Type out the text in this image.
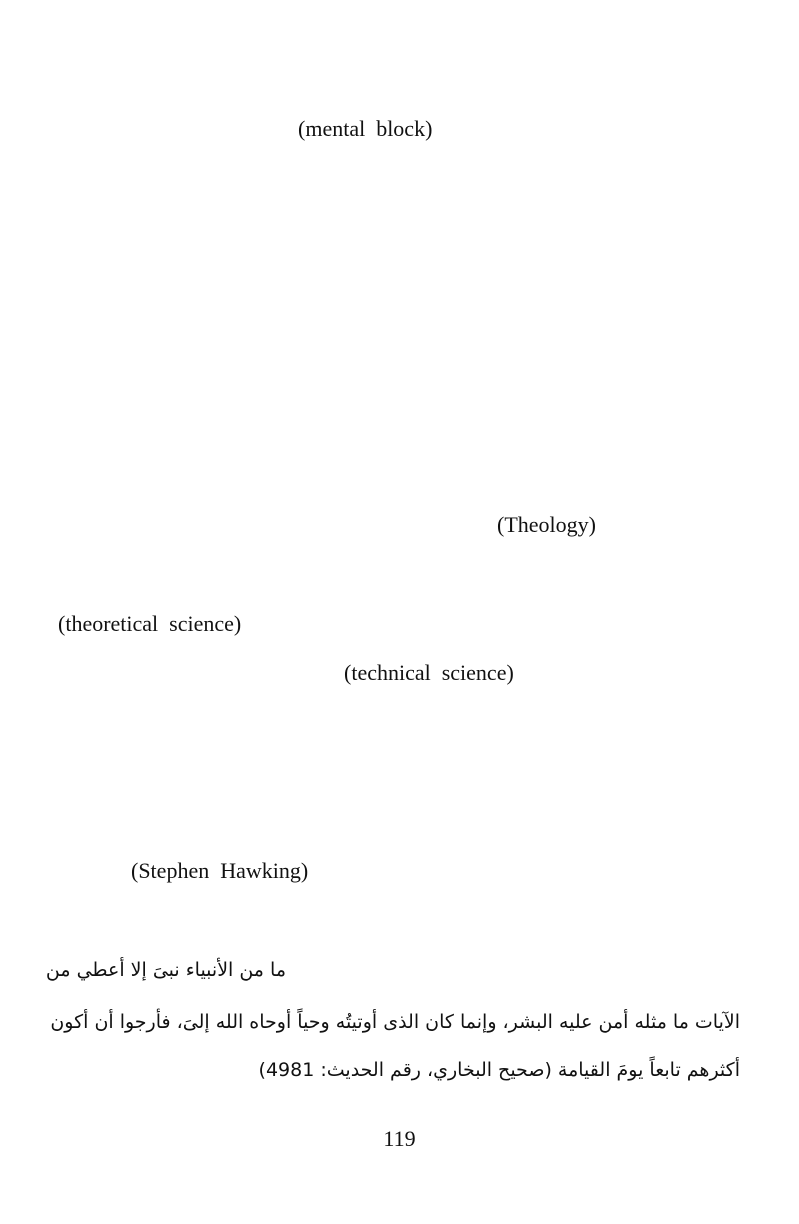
(mental  block)
(Theology)
(theoretical  science)
(technical  science)
(Stephen  Hawking)
ما من الأنبياء نبىَ إلا أعطي من
الآيات ما مثله أمن عليه البشر، وإنما كان الذى أوتيتُه وحياً أوحاه الله إلىَ، فأرجوا أن أكون
أكثرهم تابعاً يومَ القيامة (صحيح البخاري، رقم الحديث: 4981)
119
